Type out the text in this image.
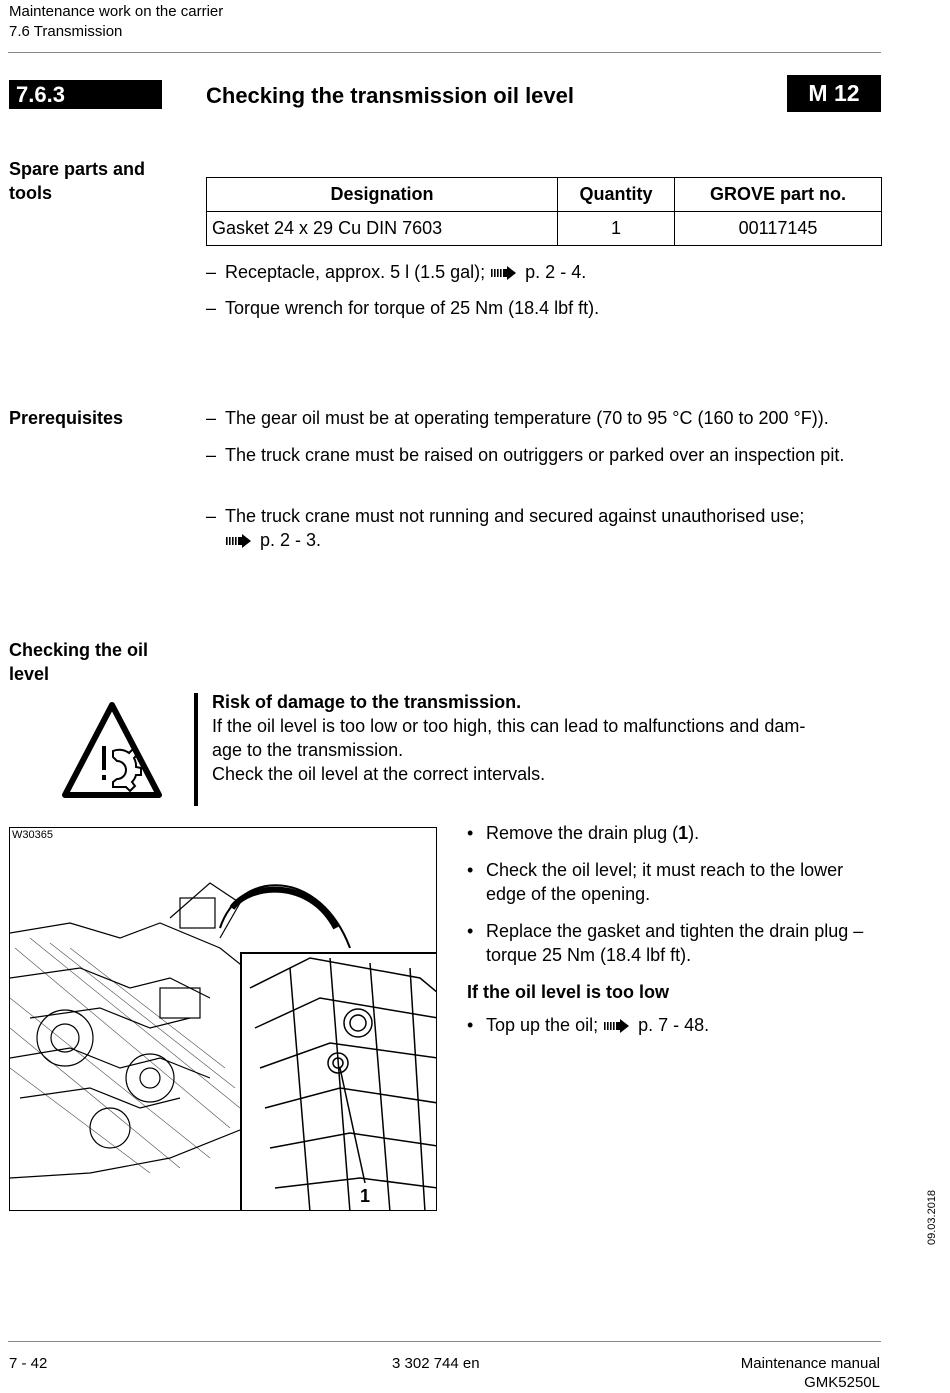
Maintenance work on the carrier
7.6 Transmission
7.6.3	Checking the transmission oil level	M 12
Spare parts and tools	Designation	Quantity	GROVE part no.
Gasket 24 x 29 Cu DIN 7603	1	00117145
– Receptacle, approx. 5 l (1.5 gal); p. 2 - 4.
– Torque wrench for torque of 25 Nm (18.4 lbf ft).
Prerequisites	– The gear oil must be at operating temperature (70 to 95 °C (160 to 200 °F)).
– The truck crane must be raised on outriggers or parked over an inspection pit.
– The truck crane must not running and secured against unauthorised use;
p. 2 - 3.
Checking the oil level
Risk of damage to the transmission.
If the oil level is too low or too high, this can lead to malfunctions and dam-
age to the transmission.
Check the oil level at the correct intervals.
1
W30365	• Remove the drain plug (1).
• Check the oil level; it must reach to the lower edge of the opening.
• Replace the gasket and tighten the drain plug – torque 25 Nm (18.4 lbf ft).
If the oil level is too low
• Top up the oil; p. 7 - 48.
09.03.2018
7 - 42	3 302 744 en	Maintenance manual
GMK5250L
